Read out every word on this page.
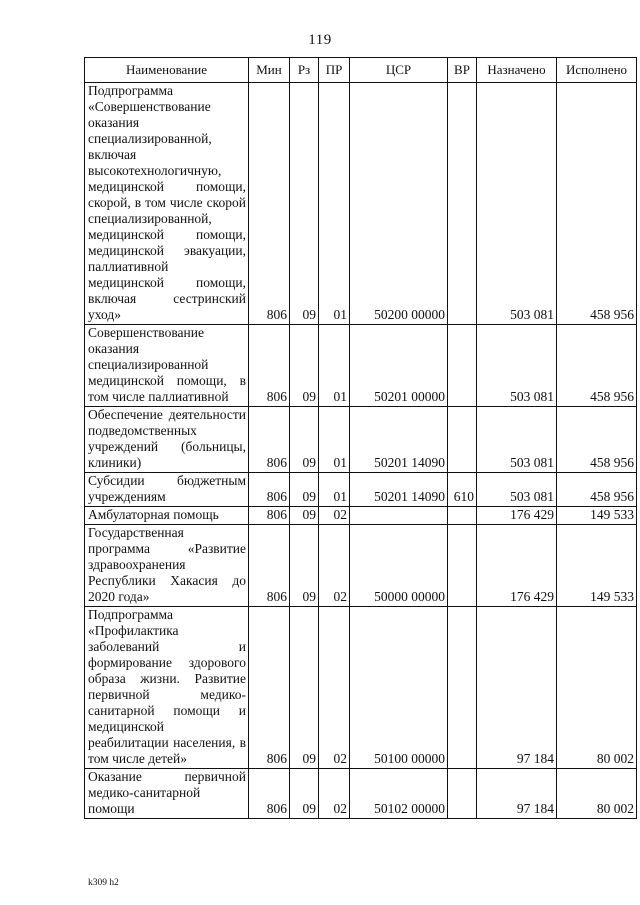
119
Наименование	Мин	Рз	ПР	ЦСР	ВР	Назначено	Исполнено

Подпрограмма «Совершенствование оказания специализированной, включая высокотехнологичную, медицинской помощи, скорой, в том числе скорой специализированной, медицинской помощи, медицинской эвакуации, паллиативной медицинской помощи, включая сестринский уход»	806	09	01	50200 00000		503 081	458 956

Совершенствование оказания специализированной медицинской помощи, в том числе паллиативной	806	09	01	50201 00000		503 081	458 956

Обеспечение деятельности подведомственных учреждений (больницы, клиники)	806	09	01	50201 14090		503 081	458 956

Субсидии бюджетным учреждениям	806	09	01	50201 14090	610	503 081	458 956

Амбулаторная помощь	806	09	02			176 429	149 533

Государственная программа «Развитие здравоохранения Республики Хакасия до 2020 года»	806	09	02	50000 00000		176 429	149 533

Подпрограмма «Профилактика заболеваний и формирование здорового образа жизни. Развитие первичной медико-санитарной помощи и медицинской реабилитации населения, в том числе детей»	806	09	02	50100 00000		97 184	80 002

Оказание первичной медико-санитарной помощи	806	09	02	50102 00000		97 184	80 002
k309 h2
